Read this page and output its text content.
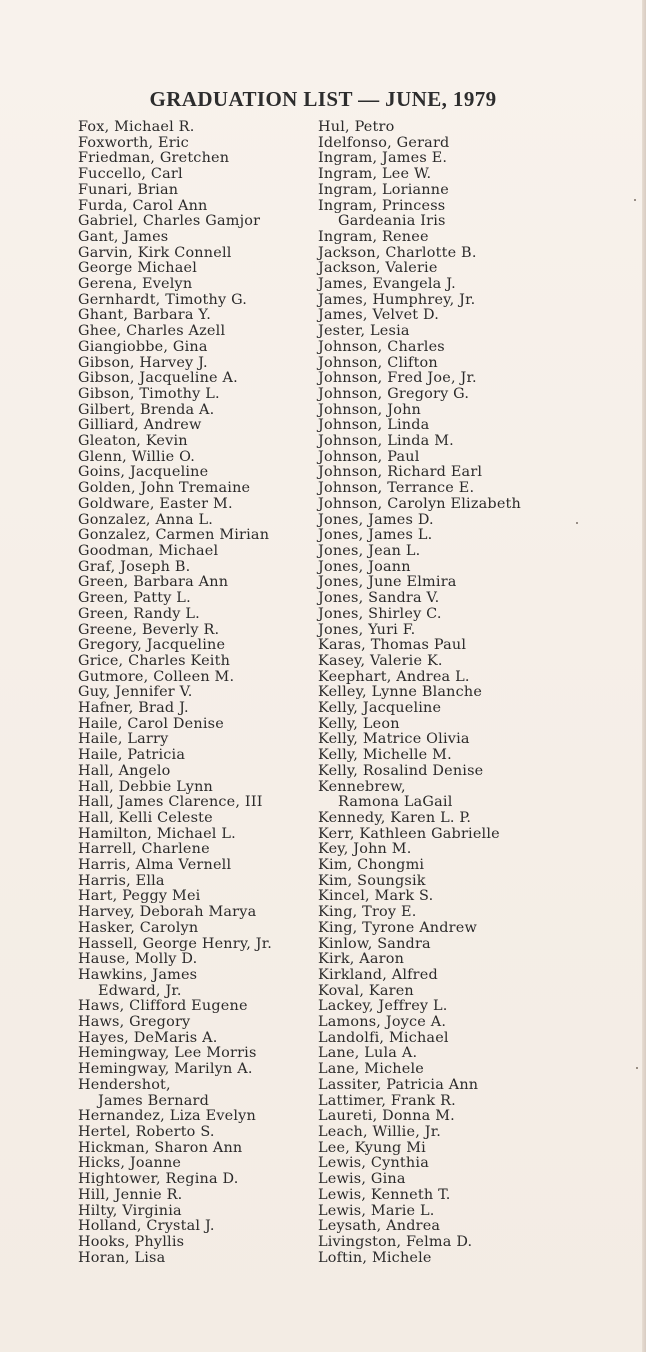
GRADUATION LIST — JUNE, 1979
Fox, Michael R.
Foxworth, Eric
Friedman, Gretchen
Fuccello, Carl
Funari, Brian
Furda, Carol Ann
Gabriel, Charles Gamjor
Gant, James
Garvin, Kirk Connell
George Michael
Gerena, Evelyn
Gernhardt, Timothy G.
Ghant, Barbara Y.
Ghee, Charles Azell
Giangiobbe, Gina
Gibson, Harvey J.
Gibson, Jacqueline A.
Gibson, Timothy L.
Gilbert, Brenda A.
Gilliard, Andrew
Gleaton, Kevin
Glenn, Willie O.
Goins, Jacqueline
Golden, John Tremaine
Goldware, Easter M.
Gonzalez, Anna L.
Gonzalez, Carmen Mirian
Goodman, Michael
Graf, Joseph B.
Green, Barbara Ann
Green, Patty L.
Green, Randy L.
Greene, Beverly R.
Gregory, Jacqueline
Grice, Charles Keith
Gutmore, Colleen M.
Guy, Jennifer V.
Hafner, Brad J.
Haile, Carol Denise
Haile, Larry
Haile, Patricia
Hall, Angelo
Hall, Debbie Lynn
Hall, James Clarence, III
Hall, Kelli Celeste
Hamilton, Michael L.
Harrell, Charlene
Harris, Alma Vernell
Harris, Ella
Hart, Peggy Mei
Harvey, Deborah Marya
Hasker, Carolyn
Hassell, George Henry, Jr.
Hause, Molly D.
Hawkins, James
Edward, Jr.
Haws, Clifford Eugene
Haws, Gregory
Hayes, DeMaris A.
Hemingway, Lee Morris
Hemingway, Marilyn A.
Hendershot,
James Bernard
Hernandez, Liza Evelyn
Hertel, Roberto S.
Hickman, Sharon Ann
Hicks, Joanne
Hightower, Regina D.
Hill, Jennie R.
Hilty, Virginia
Holland, Crystal J.
Hooks, Phyllis
Horan, Lisa
Hul, Petro
Idelfonso, Gerard
Ingram, James E.
Ingram, Lee W.
Ingram, Lorianne
Ingram, Princess
Gardeania Iris
Ingram, Renee
Jackson, Charlotte B.
Jackson, Valerie
James, Evangela J.
James, Humphrey, Jr.
James, Velvet D.
Jester, Lesia
Johnson, Charles
Johnson, Clifton
Johnson, Fred Joe, Jr.
Johnson, Gregory G.
Johnson, John
Johnson, Linda
Johnson, Linda M.
Johnson, Paul
Johnson, Richard Earl
Johnson, Terrance E.
Johnson, Carolyn Elizabeth
Jones, James D.
Jones, James L.
Jones, Jean L.
Jones, Joann
Jones, June Elmira
Jones, Sandra V.
Jones, Shirley C.
Jones, Yuri F.
Karas, Thomas Paul
Kasey, Valerie K.
Keephart, Andrea L.
Kelley, Lynne Blanche
Kelly, Jacqueline
Kelly, Leon
Kelly, Matrice Olivia
Kelly, Michelle M.
Kelly, Rosalind Denise
Kennebrew,
Ramona LaGail
Kennedy, Karen L. P.
Kerr, Kathleen Gabrielle
Key, John M.
Kim, Chongmi
Kim, Soungsik
Kincel, Mark S.
King, Troy E.
King, Tyrone Andrew
Kinlow, Sandra
Kirk, Aaron
Kirkland, Alfred
Koval, Karen
Lackey, Jeffrey L.
Lamons, Joyce A.
Landolfi, Michael
Lane, Lula A.
Lane, Michele
Lassiter, Patricia Ann
Lattimer, Frank R.
Laureti, Donna M.
Leach, Willie, Jr.
Lee, Kyung Mi
Lewis, Cynthia
Lewis, Gina
Lewis, Kenneth T.
Lewis, Marie L.
Leysath, Andrea
Livingston, Felma D.
Loftin, Michele
